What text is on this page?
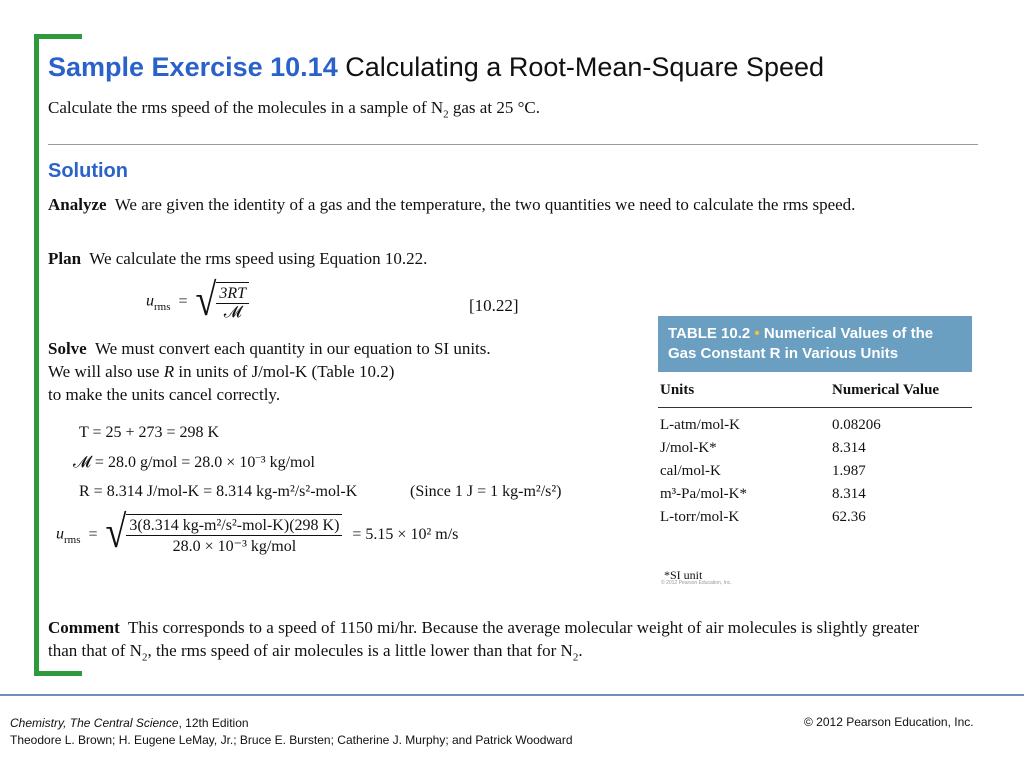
Sample Exercise 10.14 Calculating a Root-Mean-Square Speed
Calculate the rms speed of the molecules in a sample of $N_2$ gas at 25 °C.
Solution
Analyze We are given the identity of a gas and the temperature, the two quantities we need to calculate the rms speed.
Plan We calculate the rms speed using Equation 10.22.
$u_{rms}$ = √ $\frac{3RT}{\text{𝓜}}$	[10.22]
Solve We must convert each quantity in our equation to SI units.
We will also use R in units of J/mol-K (Table 10.2)
to make the units cancel correctly.
T = 25 + 273 = 298 K
𝓜 = 28.0 g/mol = 28.0 × 10⁻³ kg/mol
R = 8.314 J/mol-K = 8.314 kg-m²/s²-mol-K	(Since 1 J = 1 kg-m²/s²)
$u_{rms}$ = √ $\frac{\text{3(8.314 kg-m²/s²-mol-K)(298 K)}}{\text{28.0 × 10⁻³ kg/mol}} = 5.15 \times 10^2$ m/s
TABLE 10.2 • Numerical Values of the Gas Constant R in Various Units
Units	Numerical Value
L-atm/mol-K	0.08206
J/mol-K*	8.314
cal/mol-K	1.987
m³-Pa/mol-K*	8.314
L-torr/mol-K	62.36
*SI unit
© 2012 Pearson Education, Inc.
Comment This corresponds to a speed of 1150 mi/hr. Because the average molecular weight of air molecules is slightly greater than that of $N_2$, the rms speed of air molecules is a little lower than that for $N_2$.
Chemistry, The Central Science, 12th Edition
Theodore L. Brown; H. Eugene LeMay, Jr.; Bruce E. Bursten; Catherine J. Murphy; and Patrick Woodward
© 2012 Pearson Education, Inc.
